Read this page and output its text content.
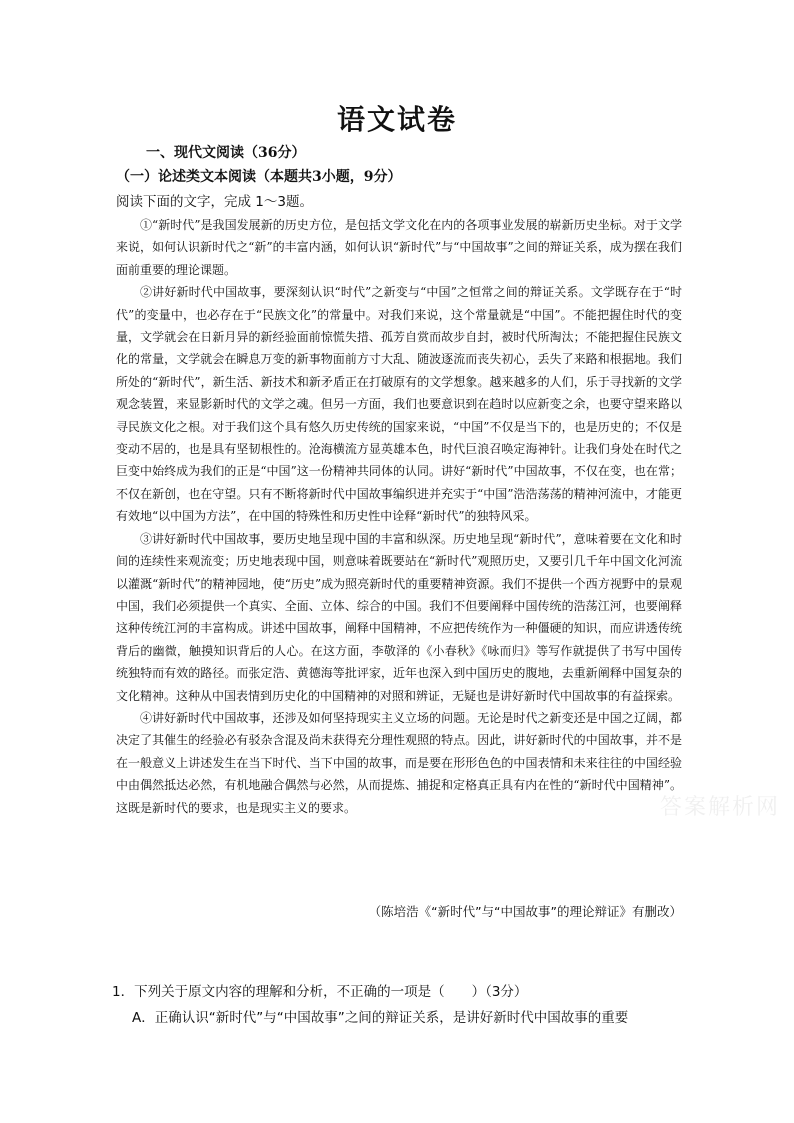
语文试卷
一、现代文阅读（36分）
（一）论述类文本阅读（本题共3小题，9分）

阅读下面的文字，完成 1～3题。

①“新时代”是我国发展新的历史方位，是包括文学文化在内的各项事业发展的崭新历史坐标。对于文学来说，如何认识新时代之“新”的丰富内涵，如何认识“新时代”与“中国故事”之间的辩证关系，成为摆在我们面前重要的理论课题。

②讲好新时代中国故事，要深刻认识“时代”之新变与“中国”之恒常之间的辩证关系。文学既存在于“时代”的变量中，也必存在于“民族文化”的常量中。对我们来说，这个常量就是“中国”。不能把握住时代的变量，文学就会在日新月异的新经验面前惊慌失措、孤芳自赏而故步自封，被时代所淘汰；不能把握住民族文化的常量，文学就会在瞬息万变的新事物面前方寸大乱、随波逐流而丧失初心，丢失了来路和根据地。我们所处的“新时代”，新生活、新技术和新矛盾正在打破原有的文学想象。越来越多的人们，乐于寻找新的文学观念装置，来显影新时代的文学之魂。但另一方面，我们也要意识到在趋时以应新变之余，也要守望来路以寻民族文化之根。对于我们这个具有悠久历史传统的国家来说，“中国”不仅是当下的，也是历史的；不仅是变动不居的，也是具有坚韧根性的。沧海横流方显英雄本色，时代巨浪召唤定海神针。让我们身处在时代之巨变中始终成为我们的正是“中国”这一份精神共同体的认同。讲好“新时代”中国故事，不仅在变，也在常；不仅在新创，也在守望。只有不断将新时代中国故事编织进并充实于“中国”浩浩荡荡的精神河流中，才能更有效地“以中国为方法”，在中国的特殊性和历史性中诠释“新时代”的独特风采。

③讲好新时代中国故事，要历史地呈现中国的丰富和纵深。历史地呈现“新时代”，意味着要在文化和时间的连续性来观流变；历史地表现中国，则意味着既要站在“新时代”观照历史，又要引几千年中国文化河流以灌溉“新时代”的精神园地，使“历史”成为照亮新时代的重要精神资源。我们不提供一个西方视野中的景观中国，我们必须提供一个真实、全面、立体、综合的中国。我们不但要阐释中国传统的浩荡江河，也要阐释这种传统江河的丰富构成。讲述中国故事，阐释中国精神，不应把传统作为一种僵硬的知识，而应讲透传统背后的幽微，触摸知识背后的人心。在这方面，李敬泽的《小春秋》《咏而归》等写作就提供了书写中国传统独特而有效的路径。而张定浩、黄德海等批评家，近年也深入到中国历史的腹地，去重新阐释中国复杂的文化精神。这种从中国表情到历史化的中国精神的对照和辨证，无疑也是讲好新时代中国故事的有益探索。

④讲好新时代中国故事，还涉及如何坚持现实主义立场的问题。无论是时代之新变还是中国之辽阔，都决定了其催生的经验必有驳杂含混及尚未获得充分理性观照的特点。因此，讲好新时代的中国故事，并不是在一般意义上讲述发生在当下时代、当下中国的故事，而是要在形形色色的中国表情和未来往往的中国经验中由偶然抵达必然，有机地融合偶然与必然，从而提炼、捕捉和定格真正具有内在性的“新时代中国精神”。这既是新时代的要求，也是现实主义的要求。

（陈培浩《“新时代”与“中国故事”的理论辩证》有删改）

答案解析网

1．下列关于原文内容的理解和分析，不正确的一项是（　　）（3分）

A．正确认识“新时代”与“中国故事”之间的辩证关系，是讲好新时代中国故事的重要
